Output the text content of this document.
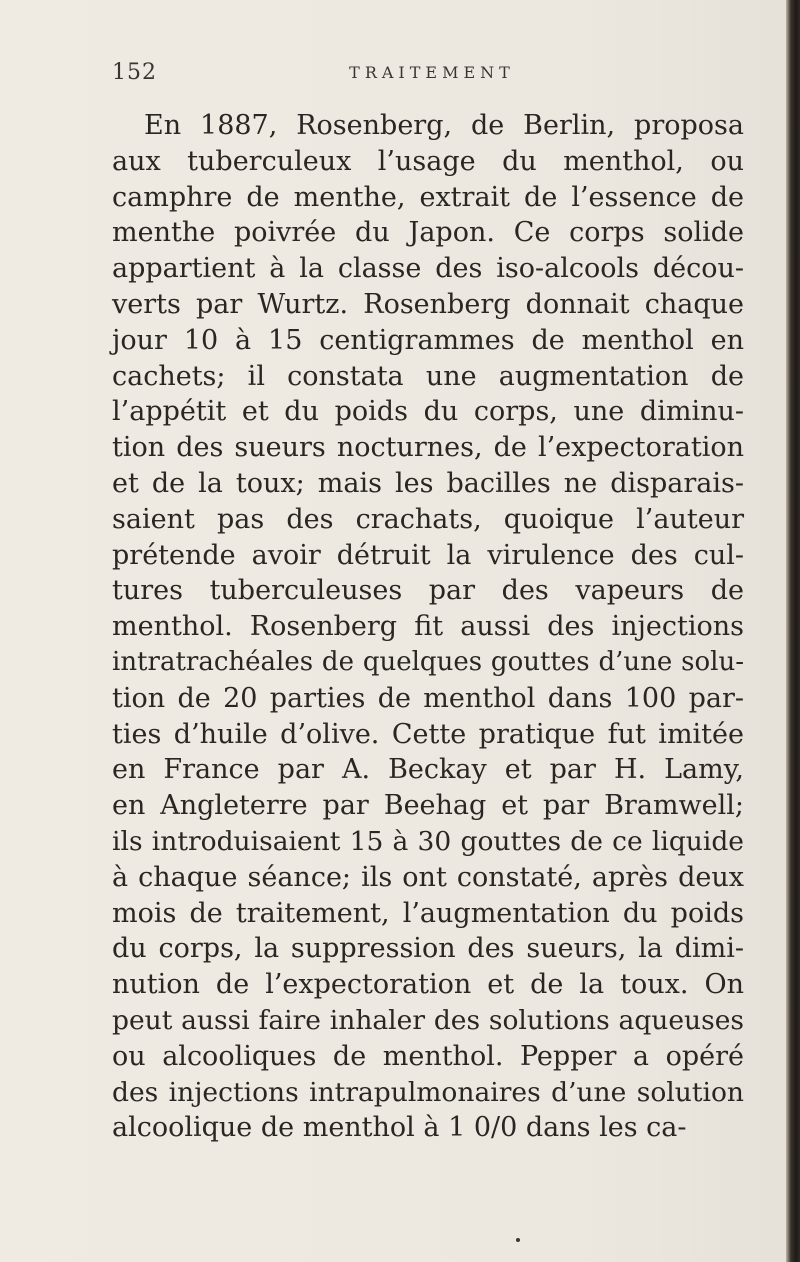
152	TRAITEMENT
En 1887, Rosenberg, de Berlin, proposa
aux tuberculeux l’usage du menthol, ou
camphre de menthe, extrait de l’essence de
menthe poivrée du Japon. Ce corps solide
appartient à la classe des iso-alcools décou-
verts par Wurtz. Rosenberg donnait chaque
jour 10 à 15 centigrammes de menthol en
cachets; il constata une augmentation de
l’appétit et du poids du corps, une diminu-
tion des sueurs nocturnes, de l’expectoration
et de la toux; mais les bacilles ne disparais-
saient pas des crachats, quoique l’auteur
prétende avoir détruit la virulence des cul-
tures tuberculeuses par des vapeurs de
menthol. Rosenberg fit aussi des injections
intratrachéales de quelques gouttes d’une solu-
tion de 20 parties de menthol dans 100 par-
ties d’huile d’olive. Cette pratique fut imitée
en France par A. Beckay et par H. Lamy,
en Angleterre par Beehag et par Bramwell;
ils introduisaient 15 à 30 gouttes de ce liquide
à chaque séance; ils ont constaté, après deux
mois de traitement, l’augmentation du poids
du corps, la suppression des sueurs, la dimi-
nution de l’expectoration et de la toux. On
peut aussi faire inhaler des solutions aqueuses
ou alcooliques de menthol. Pepper a opéré
des injections intrapulmonaires d’une solution
alcoolique de menthol à 1 0/0 dans les ca-
